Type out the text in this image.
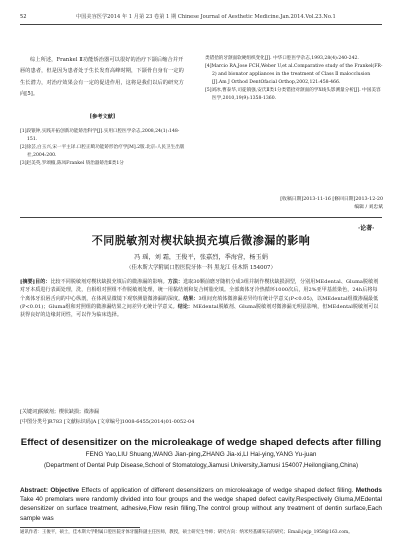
52	中国美容医学2014 年 1 月第 23 卷第 1 期 Chinese Journal of Aesthetic Medicine.Jan.2014.Vol.23.No.1

综上所述，Frankel Ⅱ功能矫治器可以很好的治疗下颌后缩合并开唇的患者，但是因为患者处于生长发育高峰时期，下颌骨自身有一定的生长潜力，对治疗效果会有一定的促进作用，这将是我们以后的研究方向[5]。

[参考文献]

[1]段银钟,实践开拓创新功能矫治科学[J].实用口腔医学杂志,2008,24(1):148-151.

[2]徐芸,白玉兴,宋一平主译.口腔正畸功能矫形治疗学[M].2版.北京:人民卫生出版社,2004:200.

[3]赵美英,罗颂椒,陈凤Frankel 矫治器矫治Ⅱ类1分

类错拾的牙颌面软硬组织变化[J]. 中华口腔医学杂志,1993,28(4):240-242.

[4]Marcio RA,Jose FCH,Weber U,et al.Comparative study of the Frankel(FR-2) and bionator appliances in the treatment of Class Ⅱ malocclusion [J].Am J Orthod DentOfacial Orthop,2002,121:458-466.

[5]刘冰,曹泰华,司徒镇强,安氏Ⅱ类1分类错拾对颌面的学X线头影测量分析[J]. 中国美容医学,2010,19(9):1358-1360.

[收稿日期]2013-11-16 [修回日期]2013-12-20
编辑 / 刘忠斌
·论著·
不同脱敏剂对楔状缺损充填后微渗漏的影响
冯 瑶，刘 霜，王俊平，张嘉烈，季海营，杨玉娟
（佳木斯大学附属口腔医院牙体一科 黑龙江 佳木斯 154007）

[摘要]目的：比较不同脱敏剂对楔状缺损充填后的微渗漏的影响。方法：选取30颗前磨牙随机分成3组并制作楔状缺损洞型，分别用MEdental、Gluma脱敏剂对牙本质进行表面处理，洗，自相组对照组不作脱敏剂处理，统一用黏结剂和复合树脂充填。全部离体牙冷热循环1000次后，用2%亚甲基蓝染色，24h后将每个离体牙沿唇舌向的中心纵剖，在体视显微镜下观察测量微渗漏的深度。结果：3组间充填体微渗漏差异均有统计学意义(P<0.05)，以MEdental组微渗漏最低(P<0.01)；Gluma组和对照组的微渗漏结果之间差异无统计学意义。结论：MEdental脱敏剂、Gluma脱敏剂对微渗漏无明显影响，但MEdental脱敏剂可以获得良好的边缘封闭性，可以作为临床选择。

[关键词]脱敏剂；楔状缺损；微渗漏
[中图分类号]R783 [文献标识码]A [文章编号]1008-6455(2014)01-0052-04
Effect of desensitizer on the microleakage of wedge shaped defects after filling
FENG Yao,LIU Shuang,WANG Jian-ping,ZHANG Jia-xi,LI Hai-ying,YANG Yu-juan
(Department of Dental Pulp Disease,School of Stomatology,Jiamusi University,Jiamusi 154007,Heilongjiang,China)

Abstract: Objective Effects of application of different desensitizers on microleakage of wedge shaped defect filling. Methods Take 40 premolars were randomly divided into four groups and the wedge shaped defect cavity.Respectively Gluma,MEdental desensitizer on surface treatment, adhesive,Flow resin filling,The control group without any treatment of dentin surface,Each sample was

通讯作者：王俊平，硕士，佳木斯大学附属口腔医院牙体牙髓科副主任医师，教授，硕士研究生导师；研究方向：纳米羟基磷灰石的研究；Email:jwjp_1958@163.com。
